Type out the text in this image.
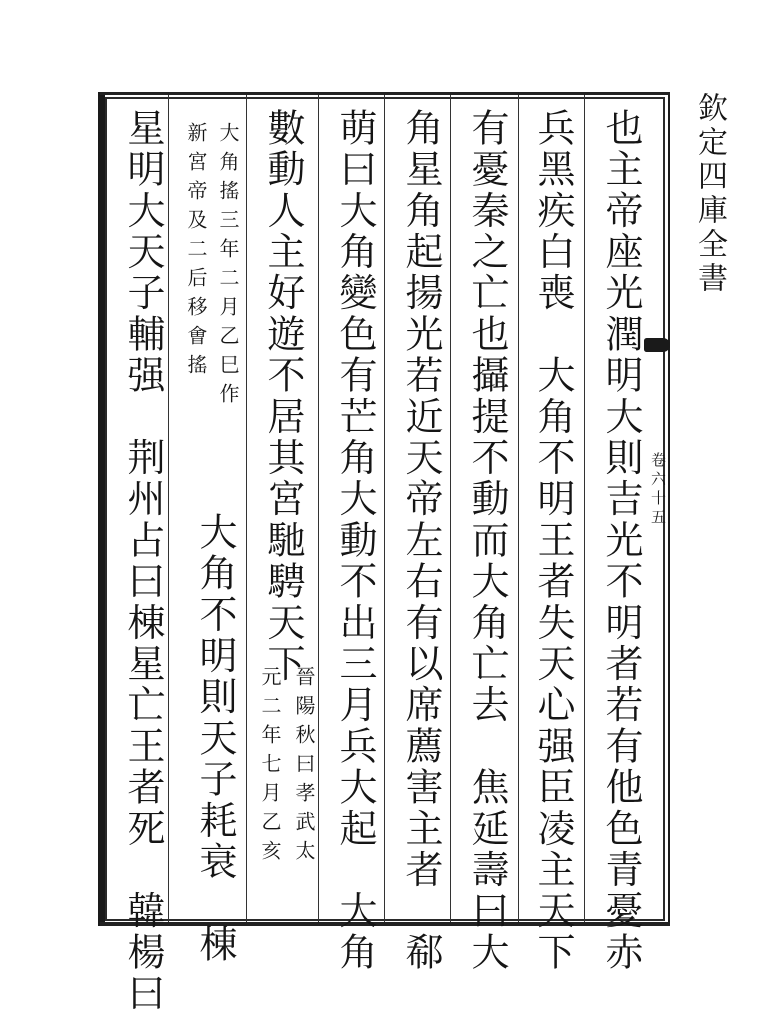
欽定四庫全書
卷六十五
也主帝座光潤明大則吉光不明者若有他色青憂赤
兵黑疾白喪　大角不明王者失天心强臣凌主天下
有憂秦之亡也攝提不動而大角亡去　焦延壽曰大
角星角起揚光若近天帝左右有以席薦害主者　郗
萌曰大角變色有芒角大動不出三月兵大起　大角
數動人主好遊不居其宮馳騁天下
晉陽秋曰孝武太
元二年七月乙亥
大角搖三年二月乙巳作
新宮帝及二后移㑹搖
大角不明則天子耗衰　棟
星明大天子輔强　荆州占曰棟星亡王者死　韓楊曰
